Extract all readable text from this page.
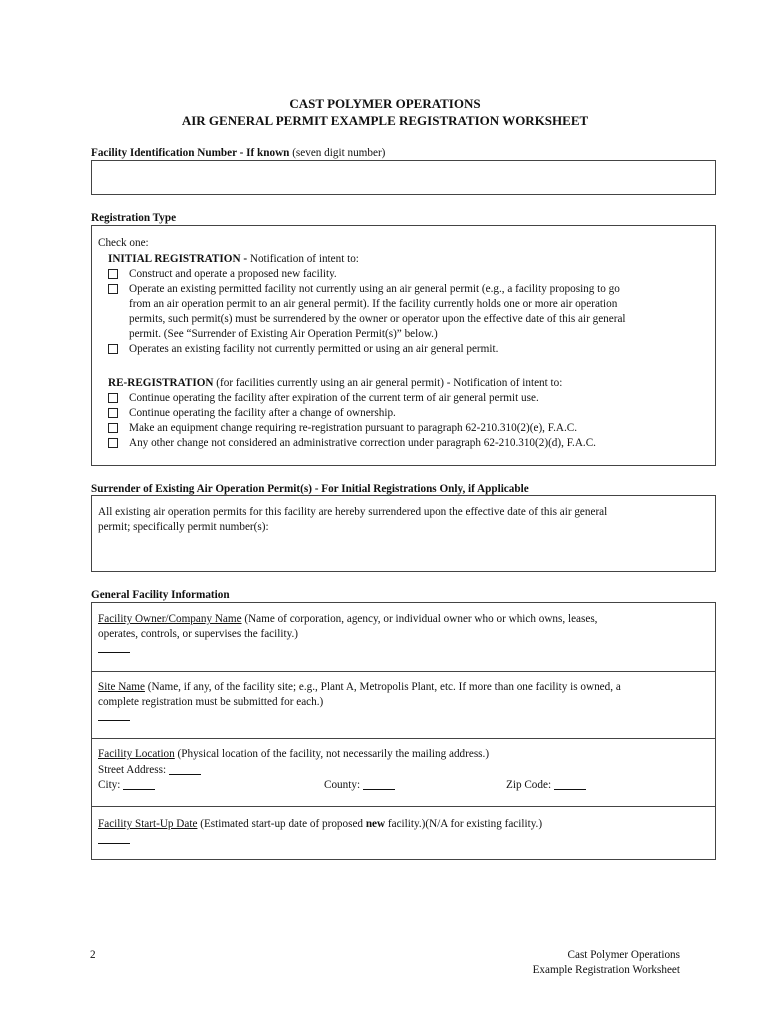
CAST POLYMER OPERATIONS
AIR GENERAL PERMIT EXAMPLE REGISTRATION WORKSHEET
Facility Identification Number - If known (seven digit number)
Registration Type
Check one:
INITIAL REGISTRATION - Notification of intent to:
Construct and operate a proposed new facility.
Operate an existing permitted facility not currently using an air general permit (e.g., a facility proposing to go
from an air operation permit to an air general permit). If the facility currently holds one or more air operation
permits, such permit(s) must be surrendered by the owner or operator upon the effective date of this air general
permit. (See “Surrender of Existing Air Operation Permit(s)” below.)
Operates an existing facility not currently permitted or using an air general permit.
RE-REGISTRATION (for facilities currently using an air general permit) - Notification of intent to:
Continue operating the facility after expiration of the current term of air general permit use.
Continue operating the facility after a change of ownership.
Make an equipment change requiring re-registration pursuant to paragraph 62-210.310(2)(e), F.A.C.
Any other change not considered an administrative correction under paragraph 62-210.310(2)(d), F.A.C.
Surrender of Existing Air Operation Permit(s) - For Initial Registrations Only, if Applicable
All existing air operation permits for this facility are hereby surrendered upon the effective date of this air general
permit; specifically permit number(s):
General Facility Information
Facility Owner/Company Name (Name of corporation, agency, or individual owner who or which owns, leases,
operates, controls, or supervises the facility.)
Site Name (Name, if any, of the facility site; e.g., Plant A, Metropolis Plant, etc. If more than one facility is owned, a
complete registration must be submitted for each.)
Facility Location (Physical location of the facility, not necessarily the mailing address.)
Street Address:
City:	County:	Zip Code:
Facility Start-Up Date (Estimated start-up date of proposed new facility.)(N/A for existing facility.)
2	Cast Polymer Operations
Example Registration Worksheet
